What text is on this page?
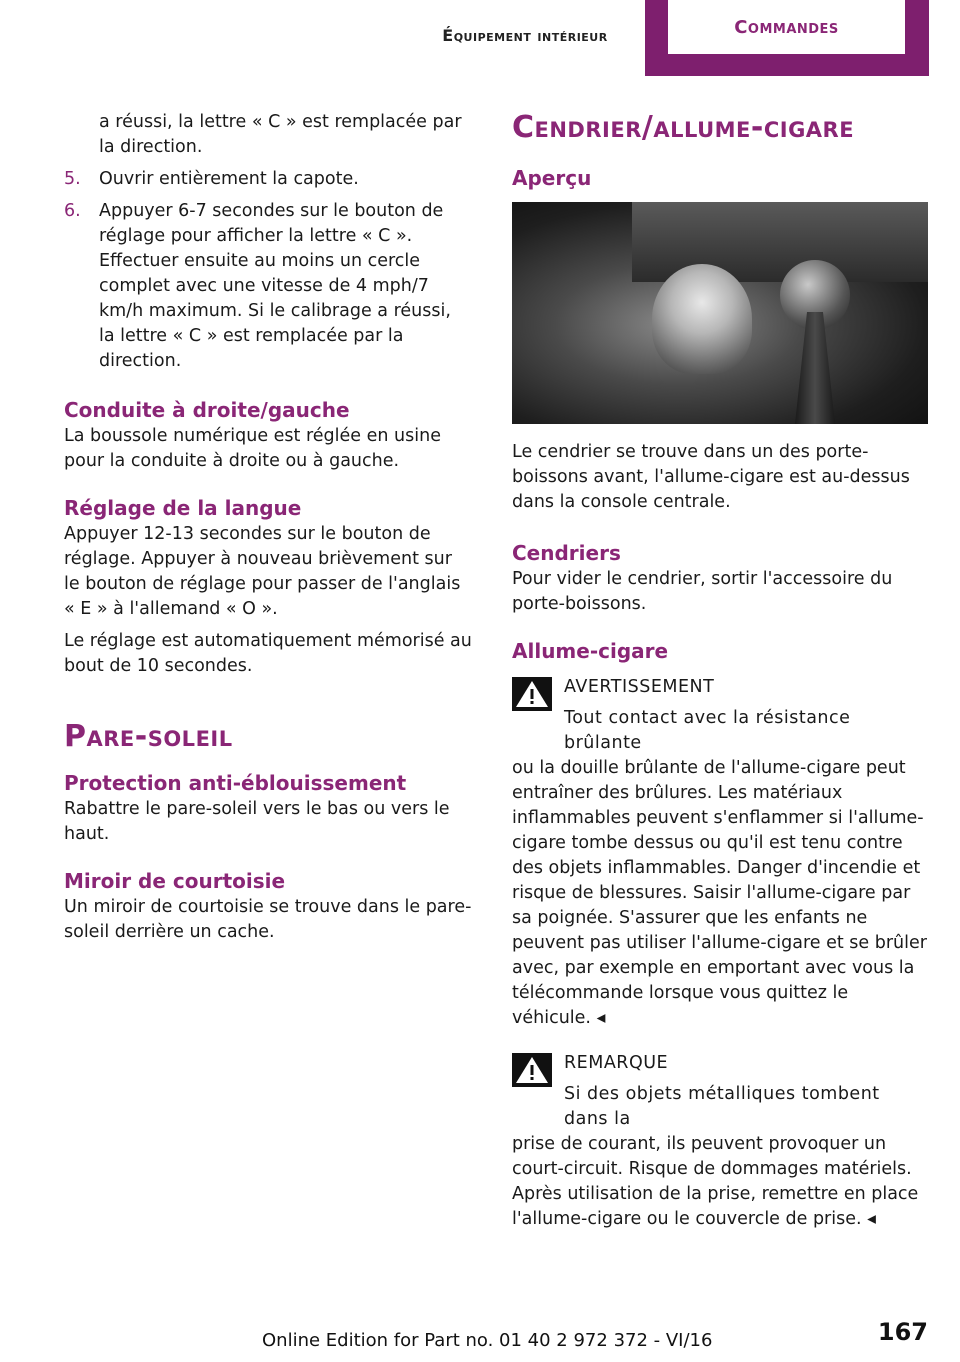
Équipement intérieur	Commandes

a réussi, la lettre « C » est remplacée par la direction.

5. Ouvrir entièrement la capote.
6. Appuyer 6-7 secondes sur le bouton de réglage pour afficher la lettre « C ». Effectuer ensuite au moins un cercle complet avec une vitesse de 4 mph/7 km/h maximum. Si le calibrage a réussi, la lettre « C » est remplacée par la direction.
Conduite à droite/gauche

La boussole numérique est réglée en usine pour la conduite à droite ou à gauche.

Réglage de la langue

Appuyer 12-13 secondes sur le bouton de réglage. Appuyer à nouveau brièvement sur le bouton de réglage pour passer de l'anglais « E » à l'allemand « O ».

Le réglage est automatiquement mémorisé au bout de 10 secondes.

Pare-soleil
Protection anti-éblouissement

Rabattre le pare-soleil vers le bas ou vers le haut.

Miroir de courtoisie

Un miroir de courtoisie se trouve dans le pare-soleil derrière un cache.

Cendrier/allume-cigare
Aperçu

Le cendrier se trouve dans un des porte-boissons avant, l'allume-cigare est au-dessus dans la console centrale.

Cendriers

Pour vider le cendrier, sortir l'accessoire du porte-boissons.

Allume-cigare
AVERTISSEMENT
Tout contact avec la résistance brûlante

ou la douille brûlante de l'allume-cigare peut entraîner des brûlures. Les matériaux inflammables peuvent s'enflammer si l'allume-cigare tombe dessus ou qu'il est tenu contre des objets inflammables. Danger d'incendie et risque de blessures. Saisir l'allume-cigare par sa poignée. S'assurer que les enfants ne peuvent pas utiliser l'allume-cigare et se brûler avec, par exemple en emportant avec vous la télécommande lorsque vous quittez le véhicule. ◂

REMARQUE
Si des objets métalliques tombent dans la

prise de courant, ils peuvent provoquer un court-circuit. Risque de dommages matériels. Après utilisation de la prise, remettre en place l'allume-cigare ou le couvercle de prise. ◂

167
Online Edition for Part no. 01 40 2 972 372 - VI/16
